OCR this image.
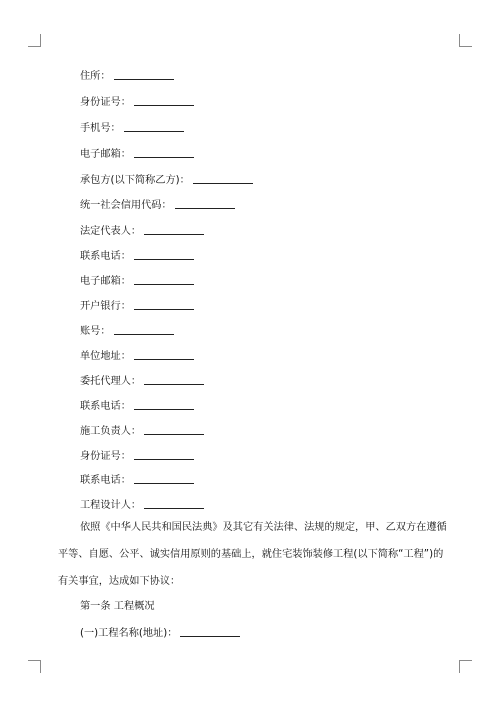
住所：
身份证号：
手机号：
电子邮箱：
承包方(以下简称乙方)：
统一社会信用代码：
法定代表人：
联系电话：
电子邮箱：
开户银行：
账号：
单位地址：
委托代理人：
联系电话：
施工负责人：
身份证号：
联系电话：
工程设计人：

依照《中华人民共和国民法典》及其它有关法律、法规的规定，甲、乙双方在遵循平等、自愿、公平、诚实信用原则的基础上，就住宅装饰装修工程(以下简称“工程”)的有关事宜，达成如下协议：

第一条 工程概况
(一)工程名称(地址)：
